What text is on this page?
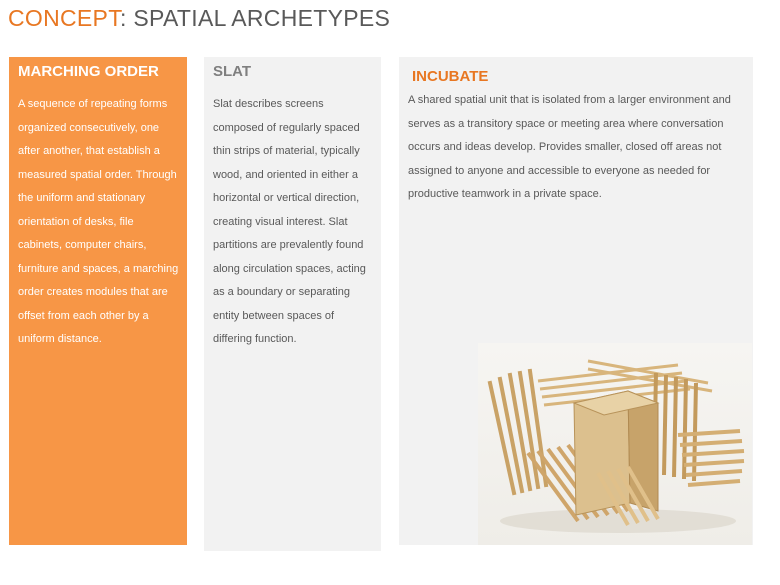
CONCEPT: SPATIAL ARCHETYPES
MARCHING ORDER

A sequence of repeating forms organized consecutively, one after another, that establish a measured spatial order. Through the uniform and stationary orientation of desks, file cabinets, computer chairs, furniture and spaces, a marching order creates modules that are offset from each other by a uniform distance.

SLAT

Slat describes screens composed of regularly spaced thin strips of material, typically wood, and oriented in either a horizontal or vertical direction, creating visual interest. Slat partitions are prevalently found along circulation spaces, acting as a boundary or separating entity between spaces of differing function.

INCUBATE

A shared spatial unit that is isolated from a larger environment and serves as a transitory space or meeting area where conversation occurs and ideas develop. Provides smaller, closed off areas not assigned to anyone and accessible to everyone as needed for productive teamwork in a private space.
